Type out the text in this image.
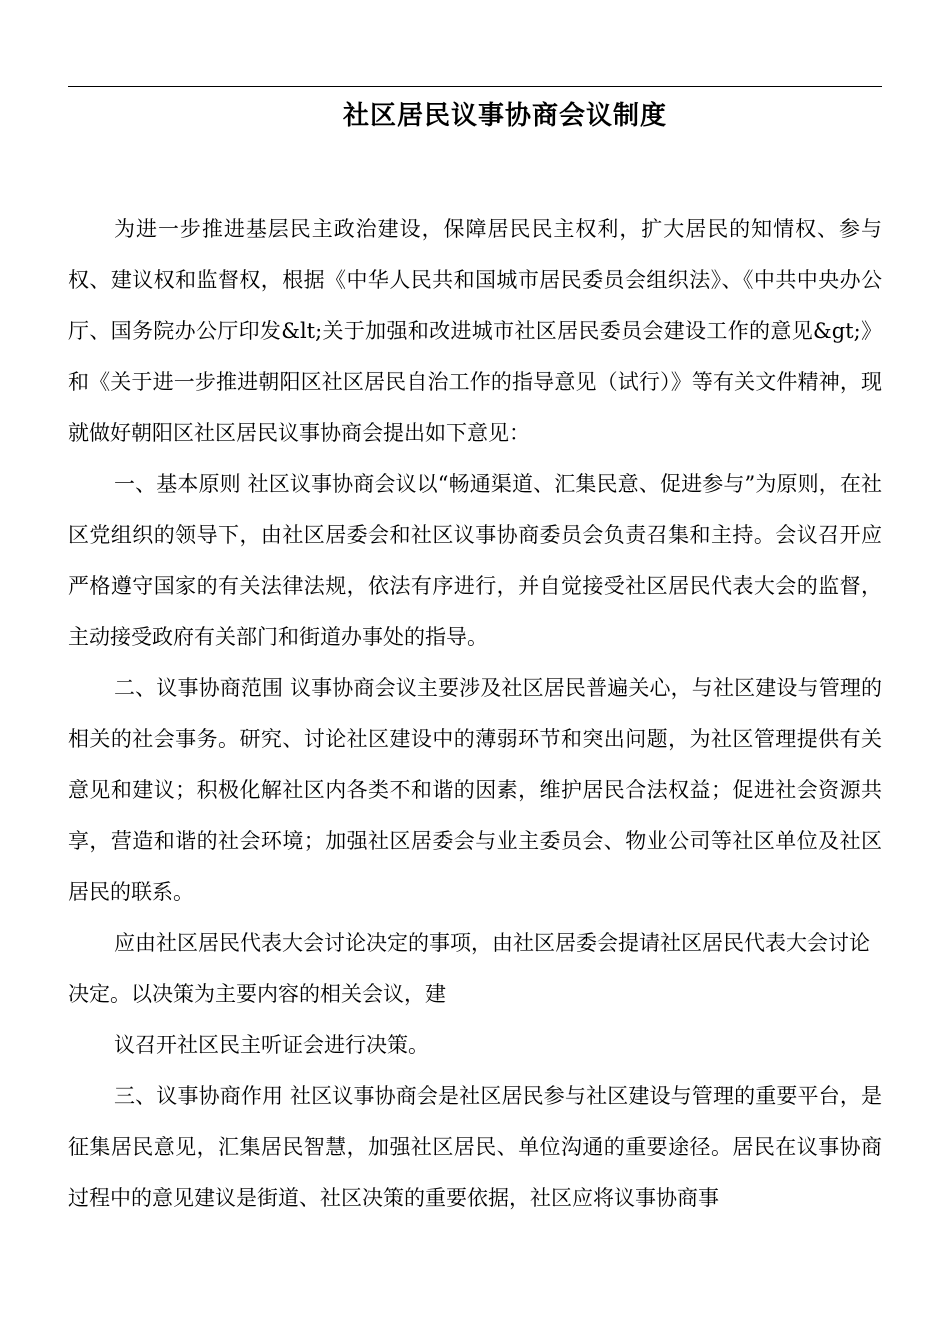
社区居民议事协商会议制度

为进一步推进基层民主政治建设，保障居民民主权利，扩大居民的知情权、参与权、建议权和监督权，根据《中华人民共和国城市居民委员会组织法》、《中共中央办公厅、国务院办公厅印发&lt;关于加强和改进城市社区居民委员会建设工作的意见&gt;》和《关于进一步推进朝阳区社区居民自治工作的指导意见（试行）》等有关文件精神，现就做好朝阳区社区居民议事协商会提出如下意见：

一、基本原则 社区议事协商会议以“畅通渠道、汇集民意、促进参与”为原则，在社区党组织的领导下，由社区居委会和社区议事协商委员会负责召集和主持。会议召开应严格遵守国家的有关法律法规，依法有序进行，并自觉接受社区居民代表大会的监督，主动接受政府有关部门和街道办事处的指导。

二、议事协商范围 议事协商会议主要涉及社区居民普遍关心，与社区建设与管理的相关的社会事务。研究、讨论社区建设中的薄弱环节和突出问题，为社区管理提供有关意见和建议；积极化解社区内各类不和谐的因素，维护居民合法权益；促进社会资源共享，营造和谐的社会环境；加强社区居委会与业主委员会、物业公司等社区单位及社区居民的联系。

应由社区居民代表大会讨论决定的事项，由社区居委会提请社区居民代表大会讨论决定。以决策为主要内容的相关会议，建

议召开社区民主听证会进行决策。

三、议事协商作用 社区议事协商会是社区居民参与社区建设与管理的重要平台，是征集居民意见，汇集居民智慧，加强社区居民、单位沟通的重要途径。居民在议事协商过程中的意见建议是街道、社区决策的重要依据，社区应将议事协商事
